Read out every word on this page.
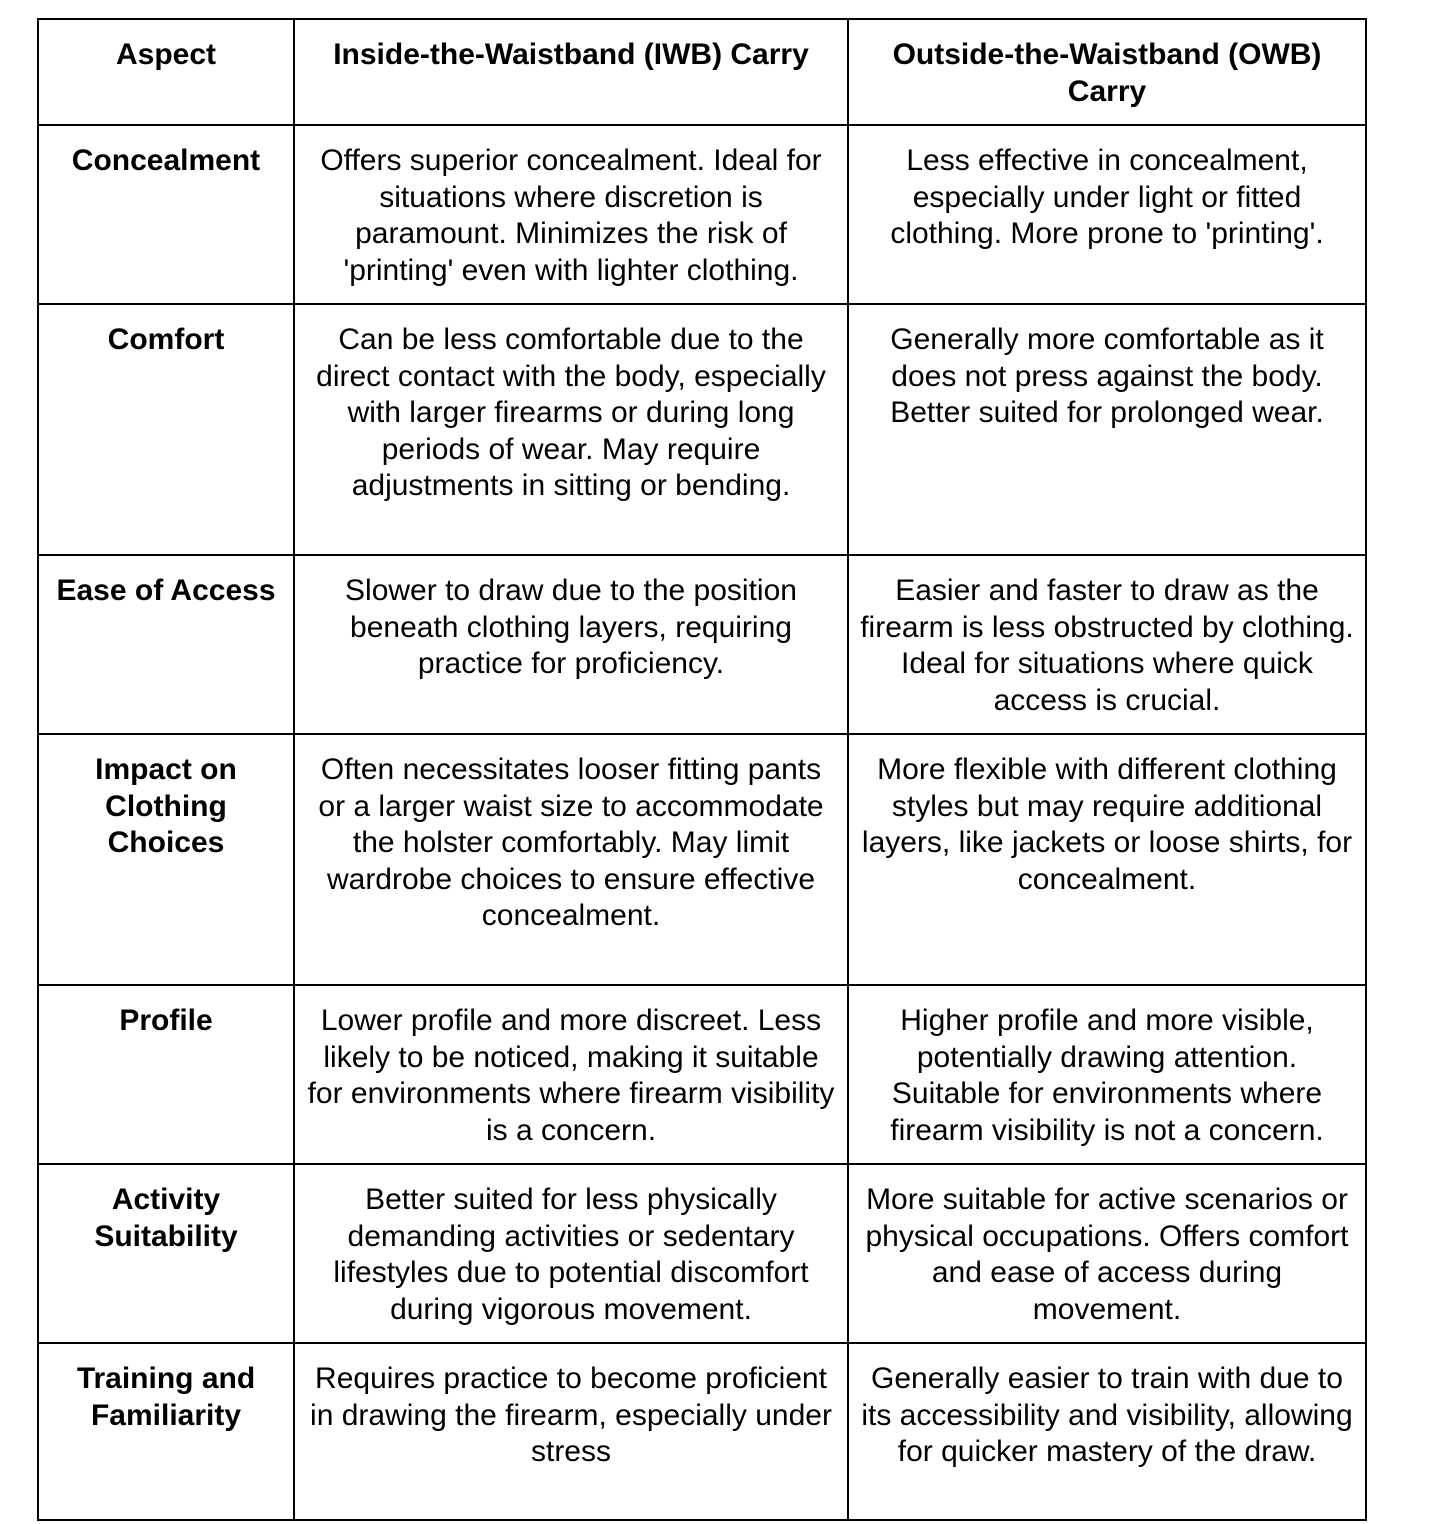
Aspect	Inside-the-Waistband (IWB) Carry	Outside-the-Waistband (OWB) Carry
Concealment	Offers superior concealment. Ideal for situations where discretion is paramount. Minimizes the risk of 'printing' even with lighter clothing.	Less effective in concealment, especially under light or fitted clothing. More prone to 'printing'.
Comfort	Can be less comfortable due to the direct contact with the body, especially with larger firearms or during long periods of wear. May require adjustments in sitting or bending.	Generally more comfortable as it does not press against the body. Better suited for prolonged wear.
Ease of Access	Slower to draw due to the position beneath clothing layers, requiring practice for proficiency.	Easier and faster to draw as the firearm is less obstructed by clothing. Ideal for situations where quick access is crucial.
Impact on Clothing Choices	Often necessitates looser fitting pants or a larger waist size to accommodate the holster comfortably. May limit wardrobe choices to ensure effective concealment.	More flexible with different clothing styles but may require additional layers, like jackets or loose shirts, for concealment.
Profile	Lower profile and more discreet. Less likely to be noticed, making it suitable for environments where firearm visibility is a concern.	Higher profile and more visible, potentially drawing attention. Suitable for environments where firearm visibility is not a concern.
Activity Suitability	Better suited for less physically demanding activities or sedentary lifestyles due to potential discomfort during vigorous movement.	More suitable for active scenarios or physical occupations. Offers comfort and ease of access during movement.
Training and Familiarity	Requires practice to become proficient in drawing the firearm, especially under stress	Generally easier to train with due to its accessibility and visibility, allowing for quicker mastery of the draw.
